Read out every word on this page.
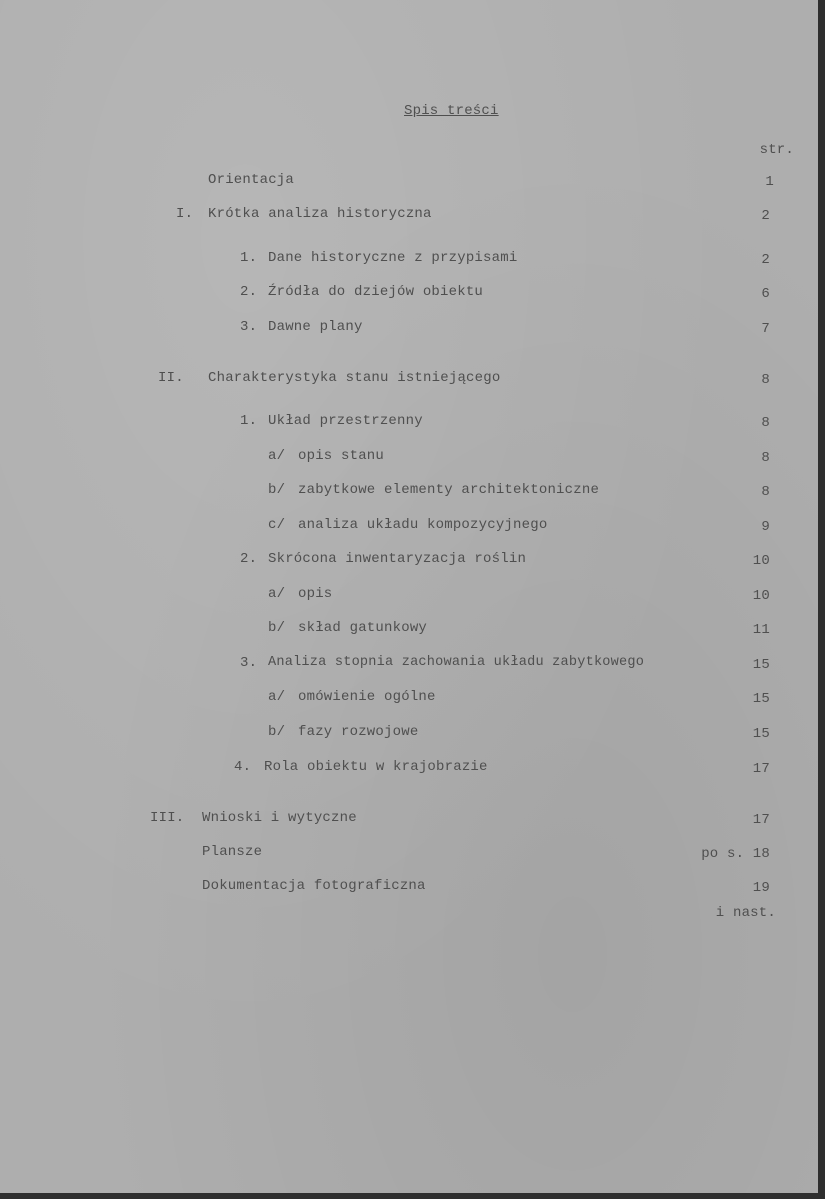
Spis treści
str.
Orientacja	1
I. Krótka analiza historyczna	2
1. Dane historyczne z przypisami	2
2. Źródła do dziejów obiektu	6
3. Dawne plany	7
II. Charakterystyka stanu istniejącego	8
1. Układ przestrzenny	8
a/ opis stanu	8
b/ zabytkowe elementy architektoniczne	8
c/ analiza układu kompozycyjnego	9
2. Skrócona inwentaryzacja roślin	10
a/ opis	10
b/ skład gatunkowy	11
3. Analiza stopnia zachowania układu zabytkowego	15
a/ omówienie ogólne	15
b/ fazy rozwojowe	15
4. Rola obiektu w krajobrazie	17
III. Wnioski i wytyczne	17
Plansze	po s. 18
Dokumentacja fotograficzna	19
i nast.
